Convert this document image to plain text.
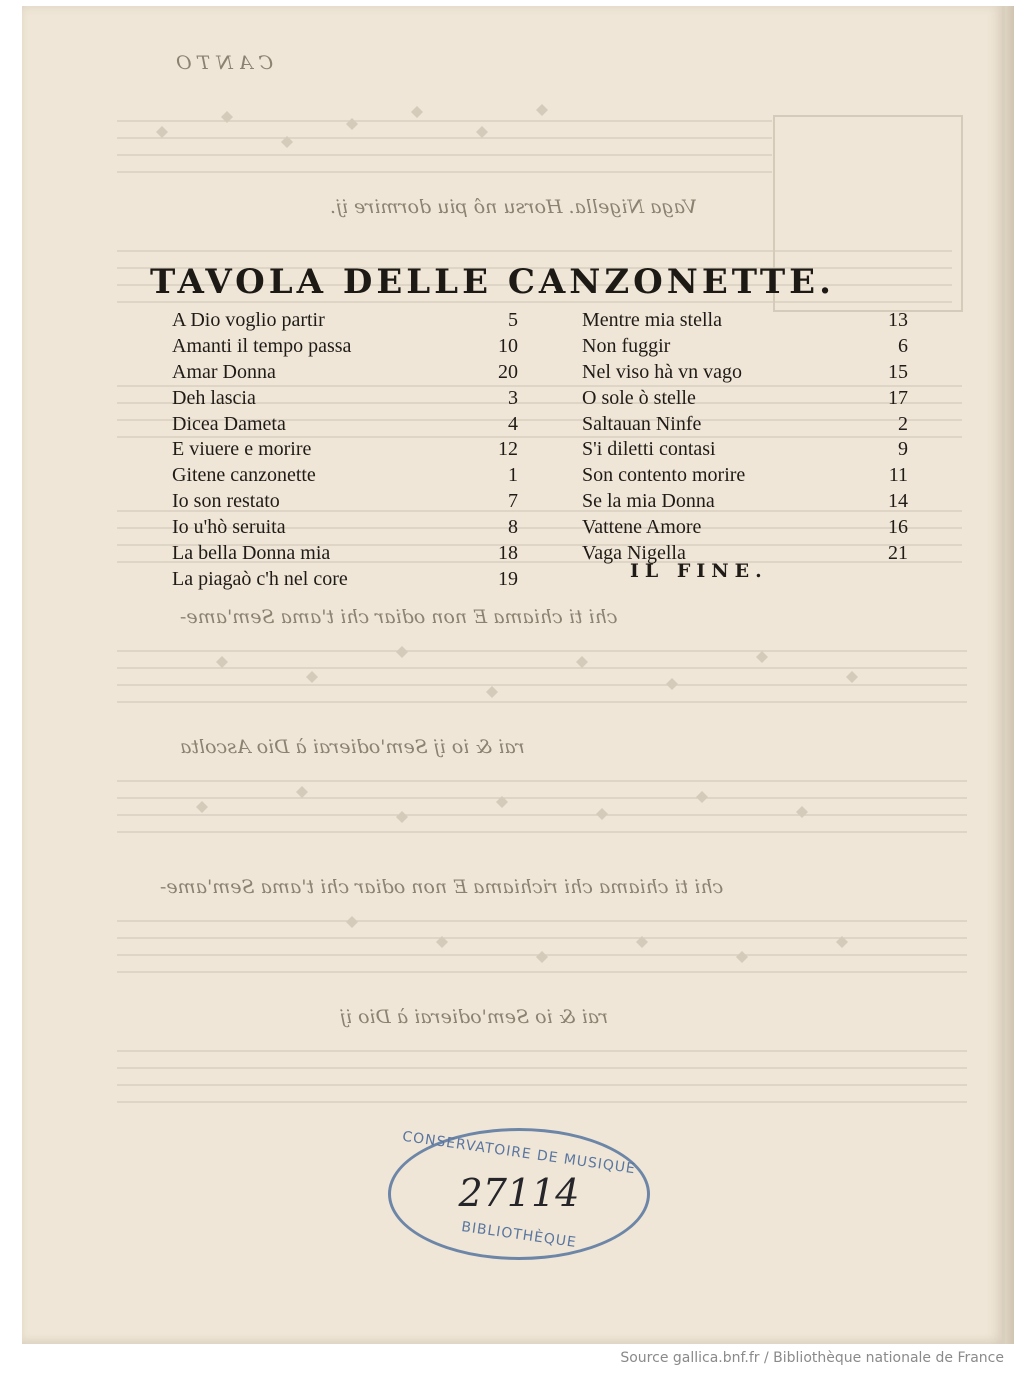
CANTO
Vaga Nigella. Horsu nô piu dormire ij.
chi ti chiama E non odiar chi t'ama Sem'ame-
rai & io ij Sem'odierai à Dio Ascolta
chi ti chiama chi richiama E non odiar chi t'ama Sem'ame-
rai & io Sem'odierai à Dio ij
TAVOLA DELLE CANZONETTE.
A Dio voglio partir	5
Amanti il tempo passa	10
Amar Donna	20
Deh lascia	3
Dicea Dameta	4
E viuere e morire	12
Gitene canzonette	1
Io son restato	7
Io u'hò seruita	8
La bella Donna mia	18
La piagaò c'h nel core	19
Mentre mia stella	13
Non fuggir	6
Nel viso hà vn vago	15
O sole ò stelle	17
Saltauan Ninfe	2
S'i diletti contasi	9
Son contento morire	11
Se la mia Donna	14
Vattene Amore	16
Vaga Nigella	21
IL FINE.
CONSERVATOIRE DE MUSIQUE
27114
BIBLIOTHÈQUE
Source gallica.bnf.fr / Bibliothèque nationale de France
